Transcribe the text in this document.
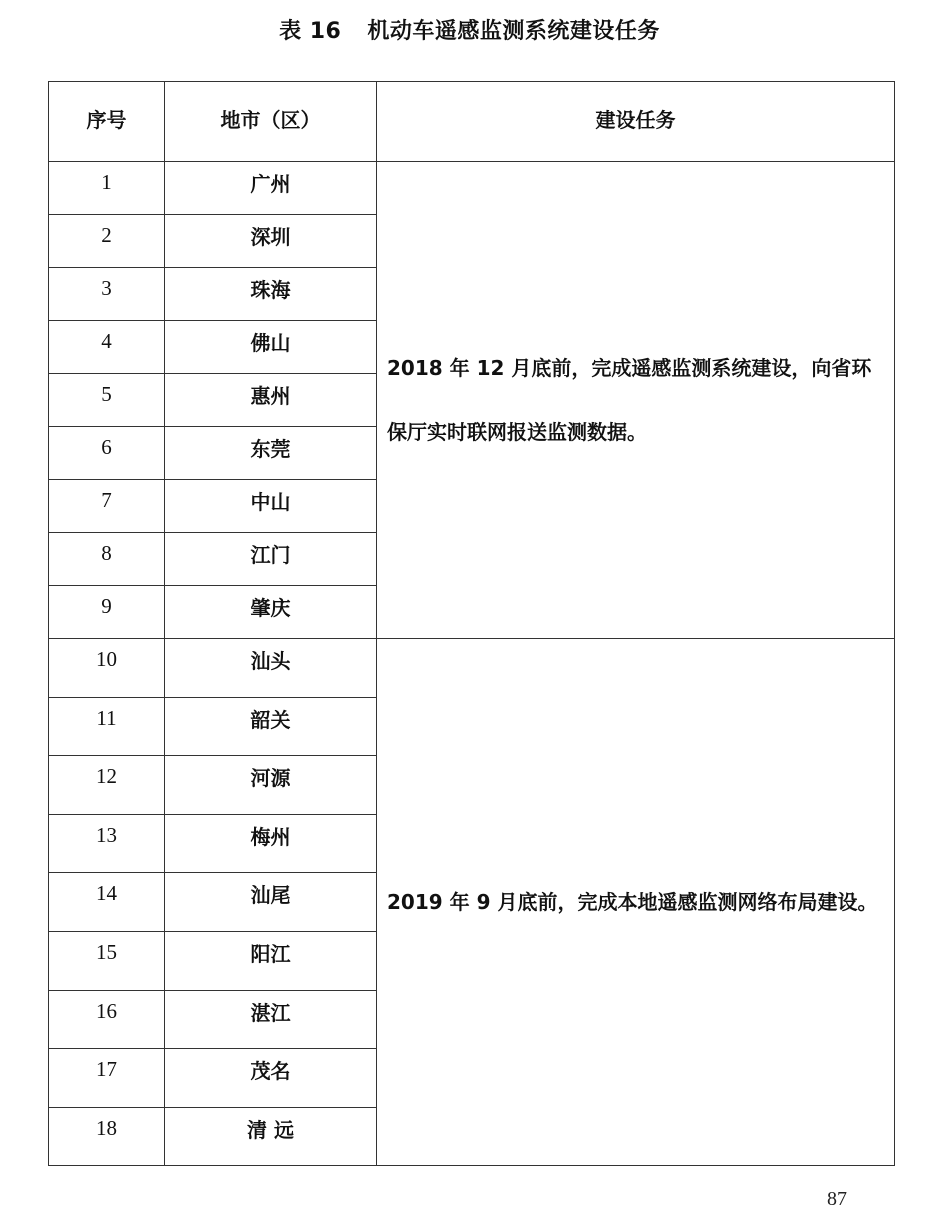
表 16 机动车遥感监测系统建设任务
序号	地市（区）	建设任务
1	广州	2018 年 12 月底前，完成遥感监测系统建设，向省环保厅实时联网报送监测数据。
2	深圳	
3	珠海	
4	佛山	
5	惠州	
6	东莞	
7	中山	
8	江门	
9	肇庆	
10	汕头	2019 年 9 月底前，完成本地遥感监测网络布局建设。
11	韶关	
12	河源	
13	梅州	
14	汕尾	
15	阳江	
16	湛江	
17	茂名	
18	清 远	
87
